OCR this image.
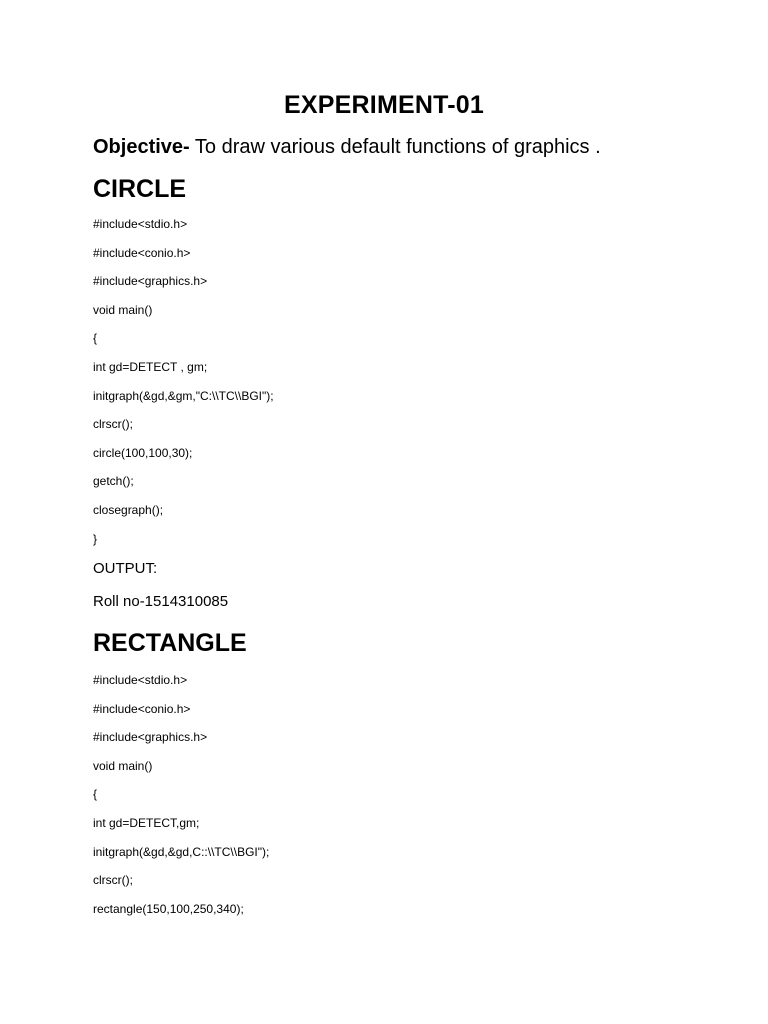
EXPERIMENT-01
Objective- To draw various default functions of graphics .
CIRCLE
#include<stdio.h>
#include<conio.h>
#include<graphics.h>
void main()
{
int gd=DETECT , gm;
initgraph(&gd,&gm,"C:\\TC\\BGI");
clrscr();
circle(100,100,30);
getch();
closegraph();
}
OUTPUT:
Roll no-1514310085
RECTANGLE
#include<stdio.h>
#include<conio.h>
#include<graphics.h>
void main()
{
int gd=DETECT,gm;
initgraph(&gd,&gd,C::\\TC\\BGI");
clrscr();
rectangle(150,100,250,340);
